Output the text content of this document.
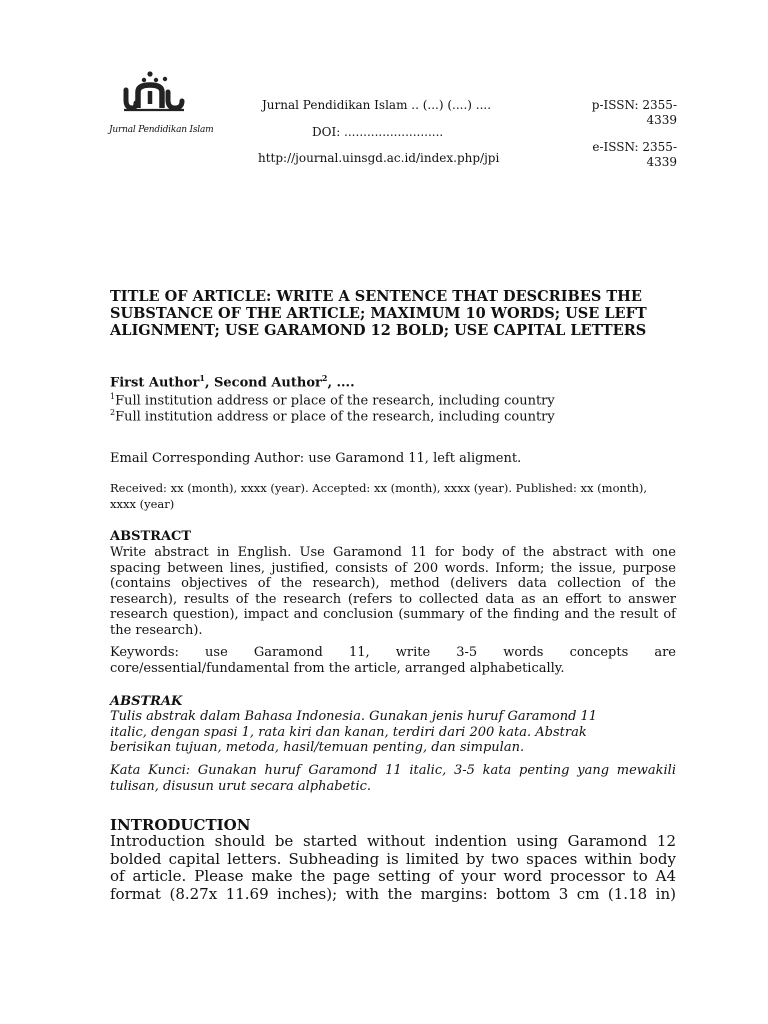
Jurnal Pendidikan Islam
Jurnal Pendidikan Islam .. (...) (....) ....
DOI: ..........................
http://journal.uinsgd.ac.id/index.php/jpi
p-ISSN: 2355-4339
e-ISSN: 2355-4339
TITLE OF ARTICLE: WRITE A SENTENCE THAT DESCRIBES THE SUBSTANCE OF THE ARTICLE; MAXIMUM 10 WORDS; USE LEFT ALIGNMENT; USE GARAMOND 12 BOLD; USE CAPITAL LETTERS
First Author$^1$, Second Author$^2$, ....
$^1$Full institution address or place of the research, including country
$^2$Full institution address or place of the research, including country
Email Corresponding Author: use Garamond 11, left aligment.
Received: xx (month), xxxx (year). Accepted: xx (month), xxxx (year). Published: xx (month), xxxx (year)
ABSTRACT
Write abstract in English. Use Garamond 11 for body of the abstract with one spacing between lines, justified, consists of 200 words. Inform; the issue, purpose (contains objectives of the research), method (delivers data collection of the research), results of the research (refers to collected data as an effort to answer research question), impact and conclusion (summary of the finding and the result of the research).
Keywords: use Garamond 11, write 3-5 words concepts are core/essential/fundamental from the article, arranged alphabetically.
ABSTRAK
Tulis abstrak dalam Bahasa Indonesia. Gunakan jenis huruf Garamond 11 italic, dengan spasi 1, rata kiri dan kanan, terdiri dari 200 kata. Abstrak berisikan tujuan, metoda, hasil/temuan penting, dan simpulan.
Kata Kunci: Gunakan huruf Garamond 11 italic, 3-5 kata penting yang mewakili tulisan, disusun urut secara alphabetic.
INTRODUCTION
Introduction should be started without indention using Garamond 12
bolded capital letters. Subheading is limited by two spaces within body
of article. Please make the page setting of your word processor to A4
format (8.27x 11.69 inches); with the margins: bottom 3 cm (1.18 in)
